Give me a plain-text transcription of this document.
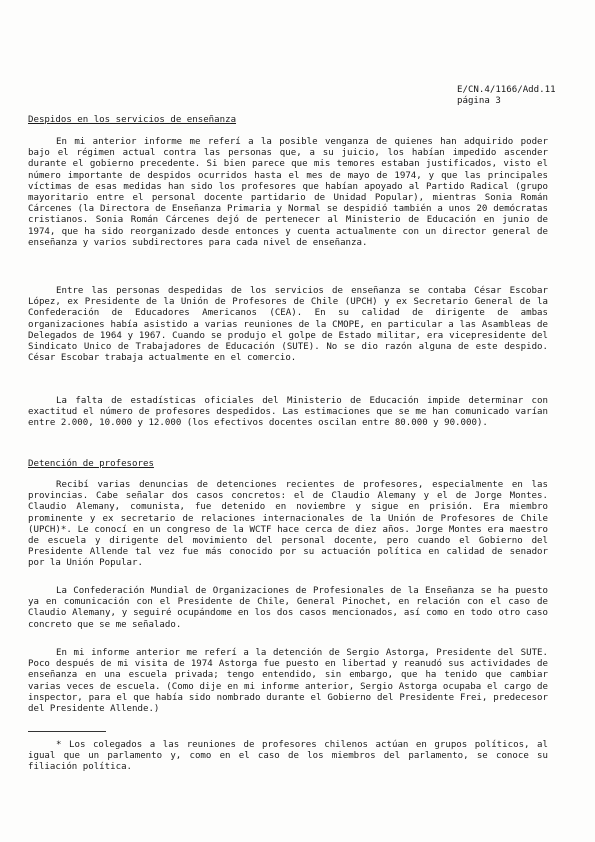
E/CN.4/1166/Add.11
página 3
Despidos en los servicios de enseñanza

En mi anterior informe me referí a la posible venganza de quienes han adquirido poder bajo el régimen actual contra las personas que, a su juicio, los habían impedido ascender durante el gobierno precedente. Si bien parece que mis temores estaban justificados, visto el número importante de despidos ocurridos hasta el mes de mayo de 1974, y que las principales víctimas de esas medidas han sido los profesores que habían apoyado al Partido Radical (grupo mayoritario entre el personal docente partidario de Unidad Popular), mientras Sonia Román Cárcenes (la Directora de Enseñanza Primaria y Normal se despidió también a unos 20 demócratas cristianos. Sonia Román Cárcenes dejó de pertenecer al Ministerio de Educación en junio de 1974, que ha sido reorganizado desde entonces y cuenta actualmente con un director general de enseñanza y varios subdirectores para cada nivel de enseñanza.

Entre las personas despedidas de los servicios de enseñanza se contaba César Escobar López, ex Presidente de la Unión de Profesores de Chile (UPCH) y ex Secretario General de la Confederación de Educadores Americanos (CEA). En su calidad de dirigente de ambas organizaciones había asistido a varias reuniones de la CMOPE, en particular a las Asambleas de Delegados de 1964 y 1967. Cuando se produjo el golpe de Estado militar, era vicepresidente del Sindicato Unico de Trabajadores de Educación (SUTE). No se dio razón alguna de este despido. César Escobar trabaja actualmente en el comercio.

La falta de estadísticas oficiales del Ministerio de Educación impide determinar con exactitud el número de profesores despedidos. Las estimaciones que se me han comunicado varían entre 2.000, 10.000 y 12.000 (los efectivos docentes oscilan entre 80.000 y 90.000).

Detención de profesores

Recibí varias denuncias de detenciones recientes de profesores, especialmente en las provincias. Cabe señalar dos casos concretos: el de Claudio Alemany y el de Jorge Montes. Claudio Alemany, comunista, fue detenido en noviembre y sigue en prisión. Era miembro prominente y ex secretario de relaciones internacionales de la Unión de Profesores de Chile (UPCH)*. Le conocí en un congreso de la WCTF hace cerca de diez años. Jorge Montes era maestro de escuela y dirigente del movimiento del personal docente, pero cuando el Gobierno del Presidente Allende tal vez fue más conocido por su actuación política en calidad de senador por la Unión Popular.

La Confederación Mundial de Organizaciones de Profesionales de la Enseñanza se ha puesto ya en comunicación con el Presidente de Chile, General Pinochet, en relación con el caso de Claudio Alemany, y seguiré ocupándome en los dos casos mencionados, así como en todo otro caso concreto que se me señalado.

En mi informe anterior me referí a la detención de Sergio Astorga, Presidente del SUTE. Poco después de mi visita de 1974 Astorga fue puesto en libertad y reanudó sus actividades de enseñanza en una escuela privada; tengo entendido, sin embargo, que ha tenido que cambiar varias veces de escuela. (Como dije en mi informe anterior, Sergio Astorga ocupaba el cargo de inspector, para el que había sido nombrado durante el Gobierno del Presidente Frei, predecesor del Presidente Allende.)

* Los colegados a las reuniones de profesores chilenos actúan en grupos políticos, al igual que un parlamento y, como en el caso de los miembros del parlamento, se conoce su filiación política.
